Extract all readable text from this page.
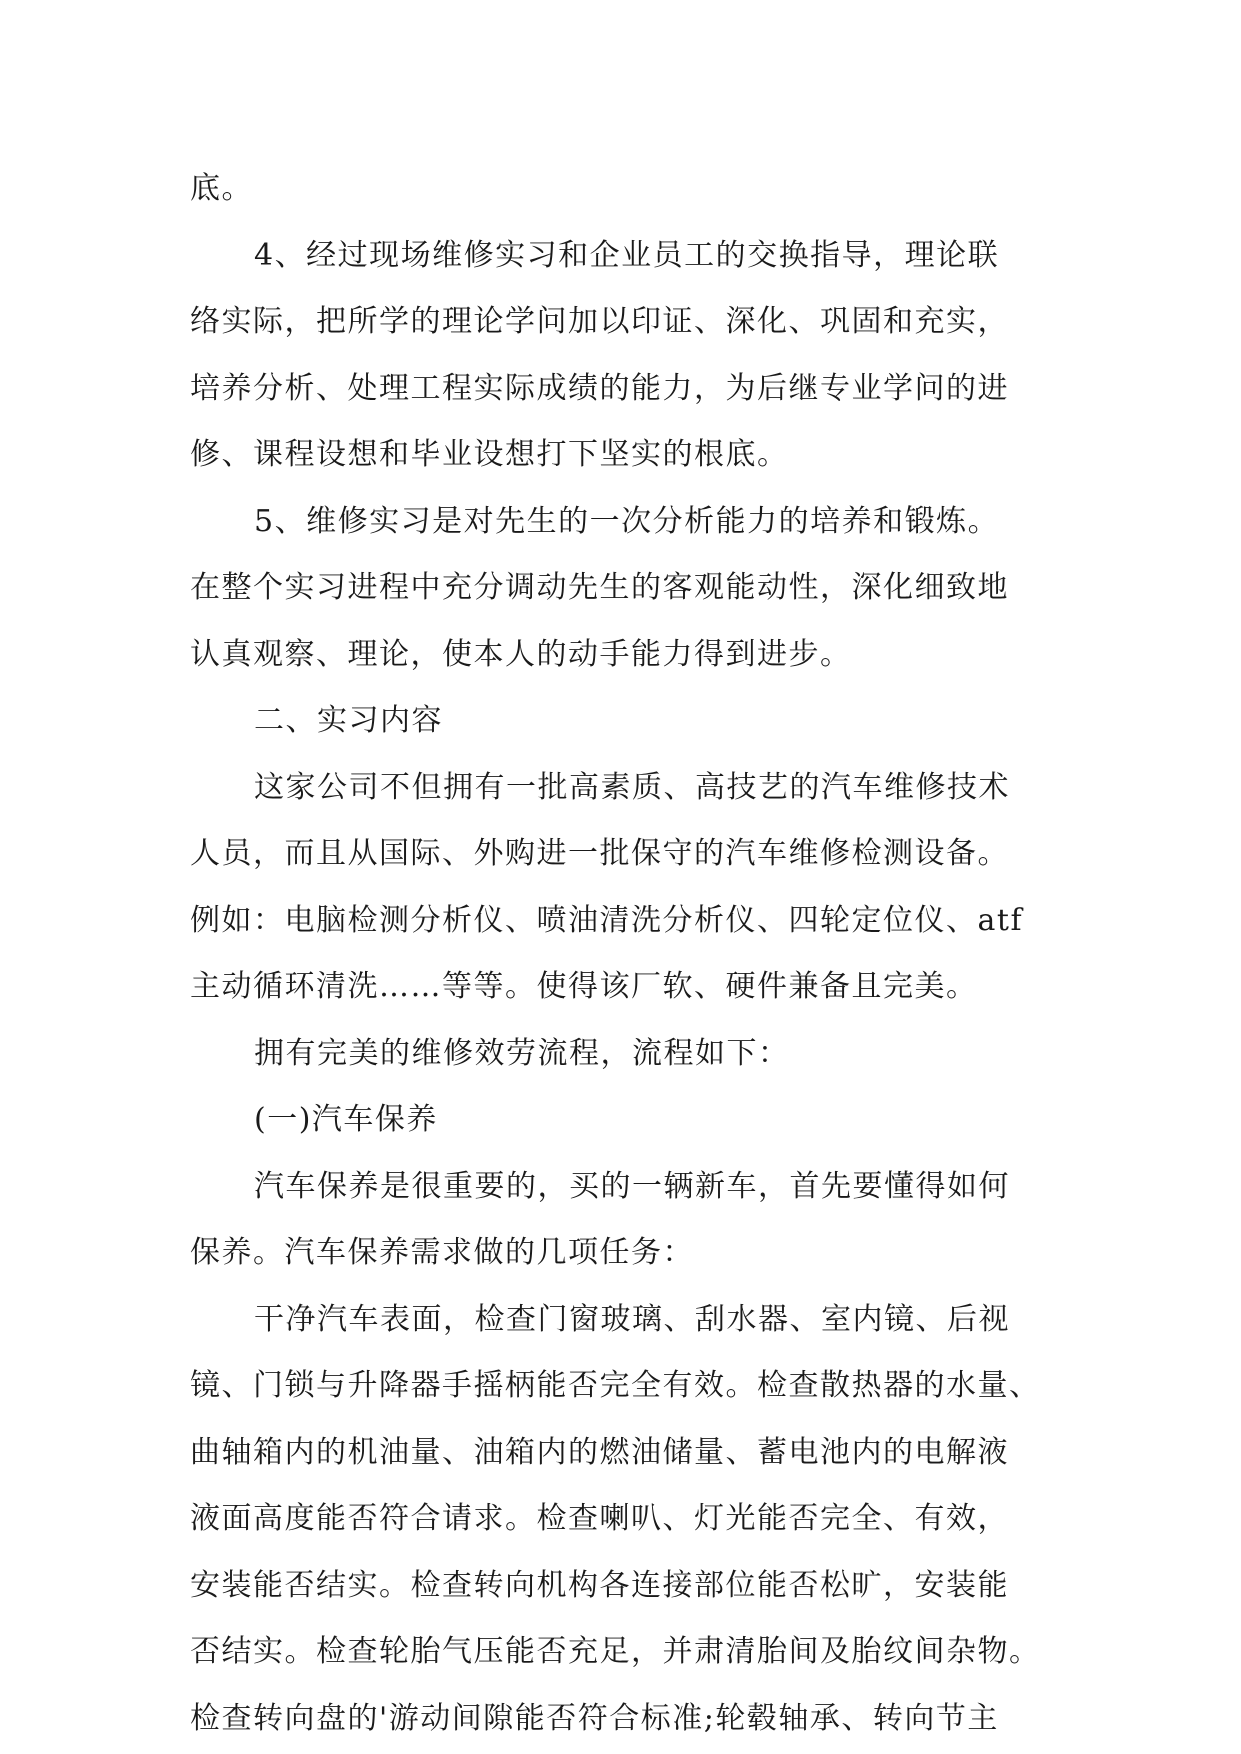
底。
4、经过现场维修实习和企业员工的交换指导，理论联
络实际，把所学的理论学问加以印证、深化、巩固和充实，
培养分析、处理工程实际成绩的能力，为后继专业学问的进
修、课程设想和毕业设想打下坚实的根底。
5、维修实习是对先生的一次分析能力的培养和锻炼。
在整个实习进程中充分调动先生的客观能动性，深化细致地
认真观察、理论，使本人的动手能力得到进步。
二、实习内容
这家公司不但拥有一批高素质、高技艺的汽车维修技术
人员，而且从国际、外购进一批保守的汽车维修检测设备。
例如：电脑检测分析仪、喷油清洗分析仪、四轮定位仪、atf
主动循环清洗……等等。使得该厂软、硬件兼备且完美。
拥有完美的维修效劳流程，流程如下：
(一)汽车保养
汽车保养是很重要的，买的一辆新车，首先要懂得如何
保养。汽车保养需求做的几项任务：
干净汽车表面，检查门窗玻璃、刮水器、室内镜、后视
镜、门锁与升降器手摇柄能否完全有效。检查散热器的水量、
曲轴箱内的机油量、油箱内的燃油储量、蓄电池内的电解液
液面高度能否符合请求。检查喇叭、灯光能否完全、有效，
安装能否结实。检查转向机构各连接部位能否松旷，安装能
否结实。检查轮胎气压能否充足，并肃清胎间及胎纹间杂物。
检查转向盘的'游动间隙能否符合标准;轮毂轴承、转向节主
